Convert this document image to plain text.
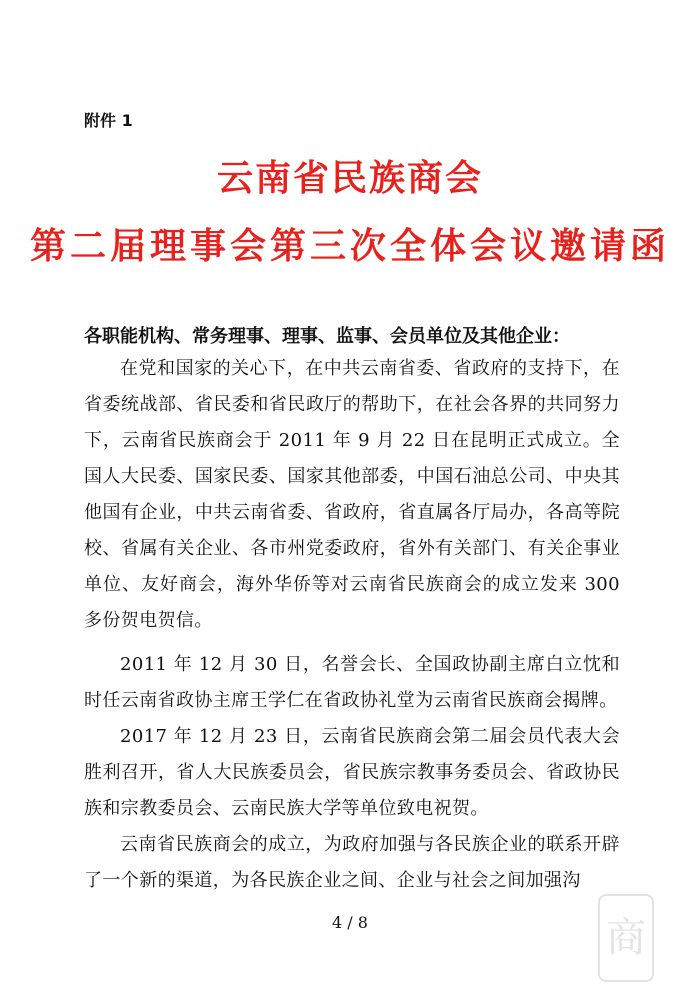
附件 1
云南省民族商会
第二届理事会第三次全体会议邀请函
各职能机构、常务理事、理事、监事、会员单位及其他企业：

在党和国家的关心下，在中共云南省委、省政府的支持下，在省委统战部、省民委和省民政厅的帮助下，在社会各界的共同努力下，云南省民族商会于 2011 年 9 月 22 日在昆明正式成立。全国人大民委、国家民委、国家其他部委，中国石油总公司、中央其他国有企业，中共云南省委、省政府，省直属各厅局办，各高等院校、省属有关企业、各市州党委政府，省外有关部门、有关企事业单位、友好商会，海外华侨等对云南省民族商会的成立发来 300 多份贺电贺信。

2011 年 12 月 30 日，名誉会长、全国政协副主席白立忱和时任云南省政协主席王学仁在省政协礼堂为云南省民族商会揭牌。

2017 年 12 月 23 日，云南省民族商会第二届会员代表大会胜利召开，省人大民族委员会，省民族宗教事务委员会、省政协民族和宗教委员会、云南民族大学等单位致电祝贺。

云南省民族商会的成立，为政府加强与各民族企业的联系开辟了一个新的渠道，为各民族企业之间、企业与社会之间加强沟

4 / 8	商
